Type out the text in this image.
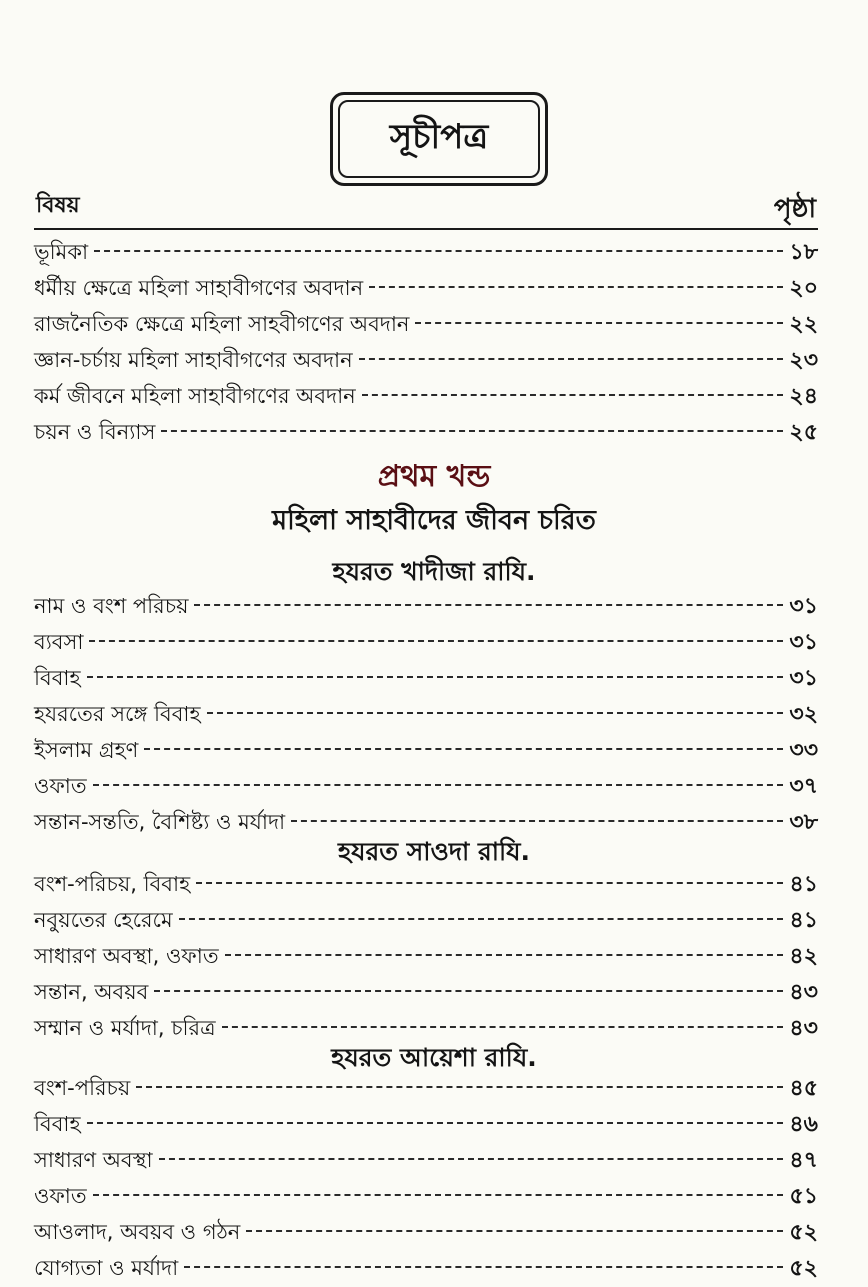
সূচীপত্র
বিষয়	পৃষ্ঠা
ভূমিকা	১৮
ধর্মীয় ক্ষেত্রে মহিলা সাহাবীগণের অবদান	২০
রাজনৈতিক ক্ষেত্রে মহিলা সাহবীগণের অবদান	২২
জ্ঞান-চর্চায় মহিলা সাহাবীগণের অবদান	২৩
কর্ম জীবনে মহিলা সাহাবীগণের অবদান	২৪
চয়ন ও বিন্যাস	২৫
প্রথম খন্ড
মহিলা সাহাবীদের জীবন চরিত
হযরত খাদীজা রাযি.
নাম ও বংশ পরিচয়	৩১
ব্যবসা	৩১
বিবাহ	৩১
হযরতের সঙ্গে বিবাহ	৩২
ইসলাম গ্রহণ	৩৩
ওফাত	৩৭
সন্তান-সন্ততি, বৈশিষ্ট্য ও মর্যাদা	৩৮
হযরত সাওদা রাযি.
বংশ-পরিচয়, বিবাহ	৪১
নবুয়তের হেরেমে	৪১
সাধারণ অবস্থা, ওফাত	৪২
সন্তান, অবয়ব	৪৩
সম্মান ও মর্যাদা, চরিত্র	৪৩
হযরত আয়েশা রাযি.
বংশ-পরিচয়	৪৫
বিবাহ	৪৬
সাধারণ অবস্থা	৪৭
ওফাত	৫১
আওলাদ, অবয়ব ও গঠন	৫২
যোগ্যতা ও মর্যাদা	৫২
